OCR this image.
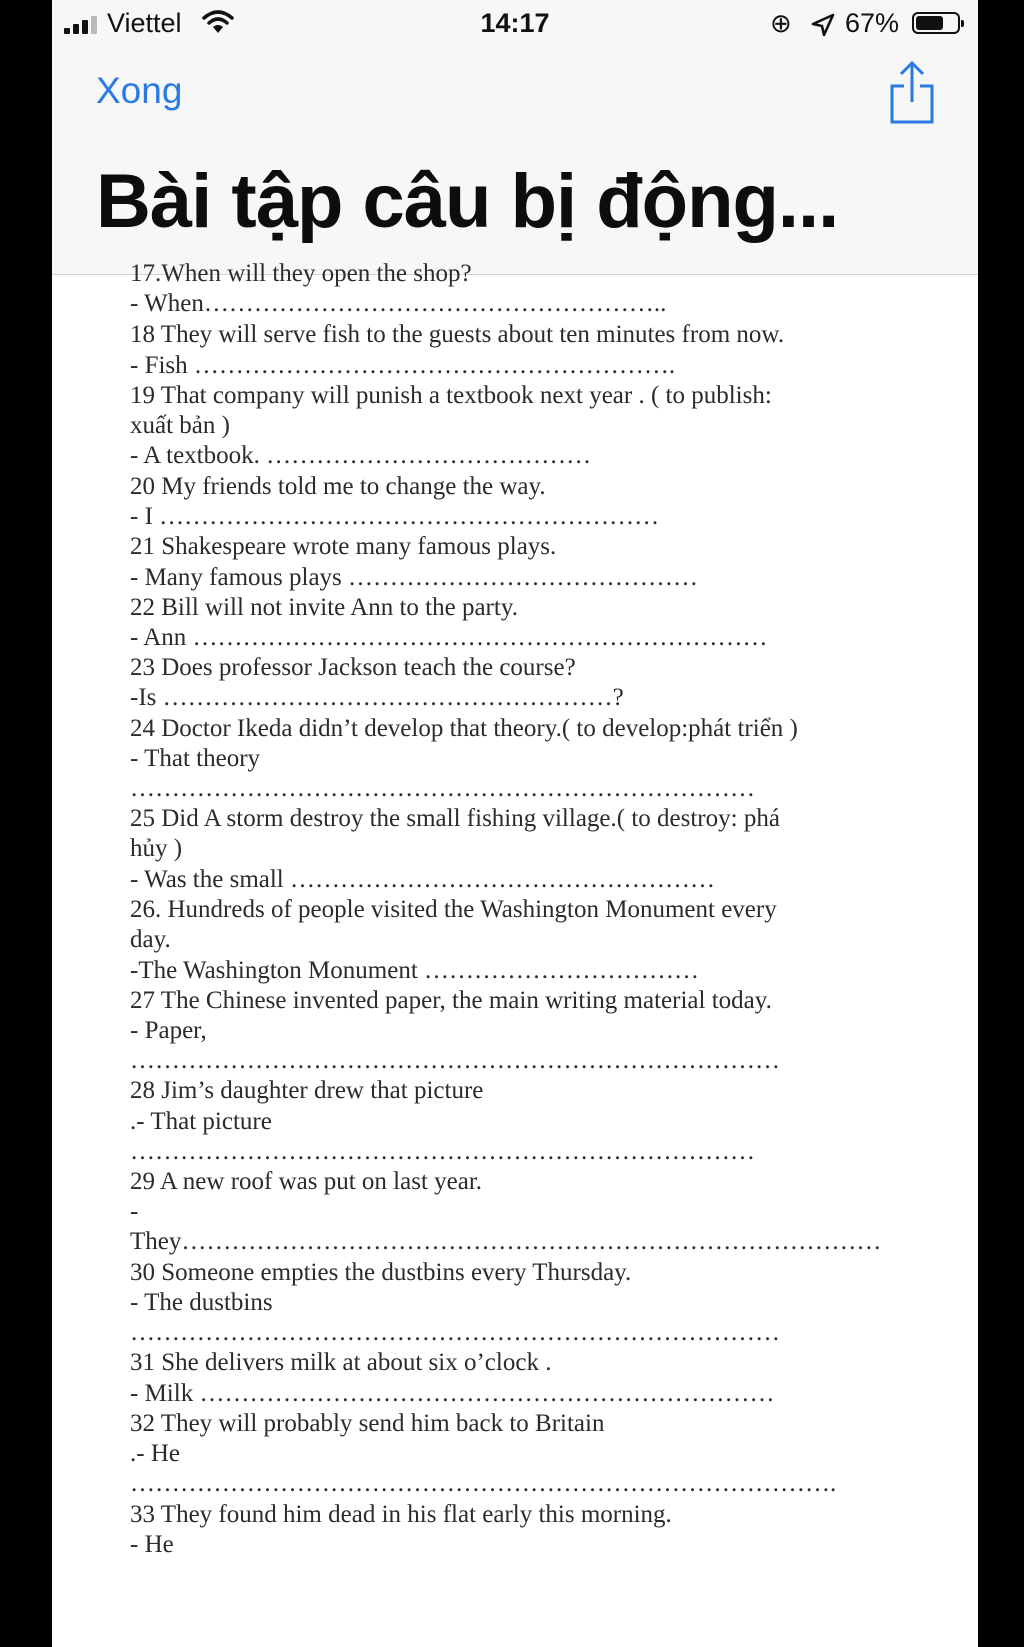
Viettel	14:17	⊕ 67%
Xong
Bài tập câu bị động...
17.When will they open the shop?
- When………………………………………………..
18 They will serve fish to the guests about ten minutes from now.
- Fish ………………………………………………….
19 That company will punish a textbook next year . ( to publish:
xuất bản )
- A textbook. …………………………………
20 My friends told me to change the way.
- I ……………………………………………………
21 Shakespeare wrote many famous plays.
- Many famous plays ……………………………………
22 Bill will not invite Ann to the party.
- Ann ……………………………………………………………
23 Does professor Jackson teach the course?
-Is ………………………………………………?
24 Doctor Ikeda didn’t develop that theory.( to develop:phát triển )
- That theory
…………………………………………………………………
25 Did A storm destroy the small fishing village.( to destroy: phá
hủy )
- Was the small ……………………………………………
26. Hundreds of people visited the Washington Monument every
day.
-The Washington Monument ……………………………
27 The Chinese invented paper, the main writing material today.
- Paper,
……………………………………………………………………
28 Jim’s daughter drew that picture
.- That picture
…………………………………………………………………
29 A new roof was put on last year.
-
They…………………………………………………………………………
30 Someone empties the dustbins every Thursday.
- The dustbins
……………………………………………………………………
31 She delivers milk at about six o’clock .
- Milk ……………………………………………………………
32 They will probably send him back to Britain
.- He
………………………………………………………………………….
33 They found him dead in his flat early this morning.
- He
